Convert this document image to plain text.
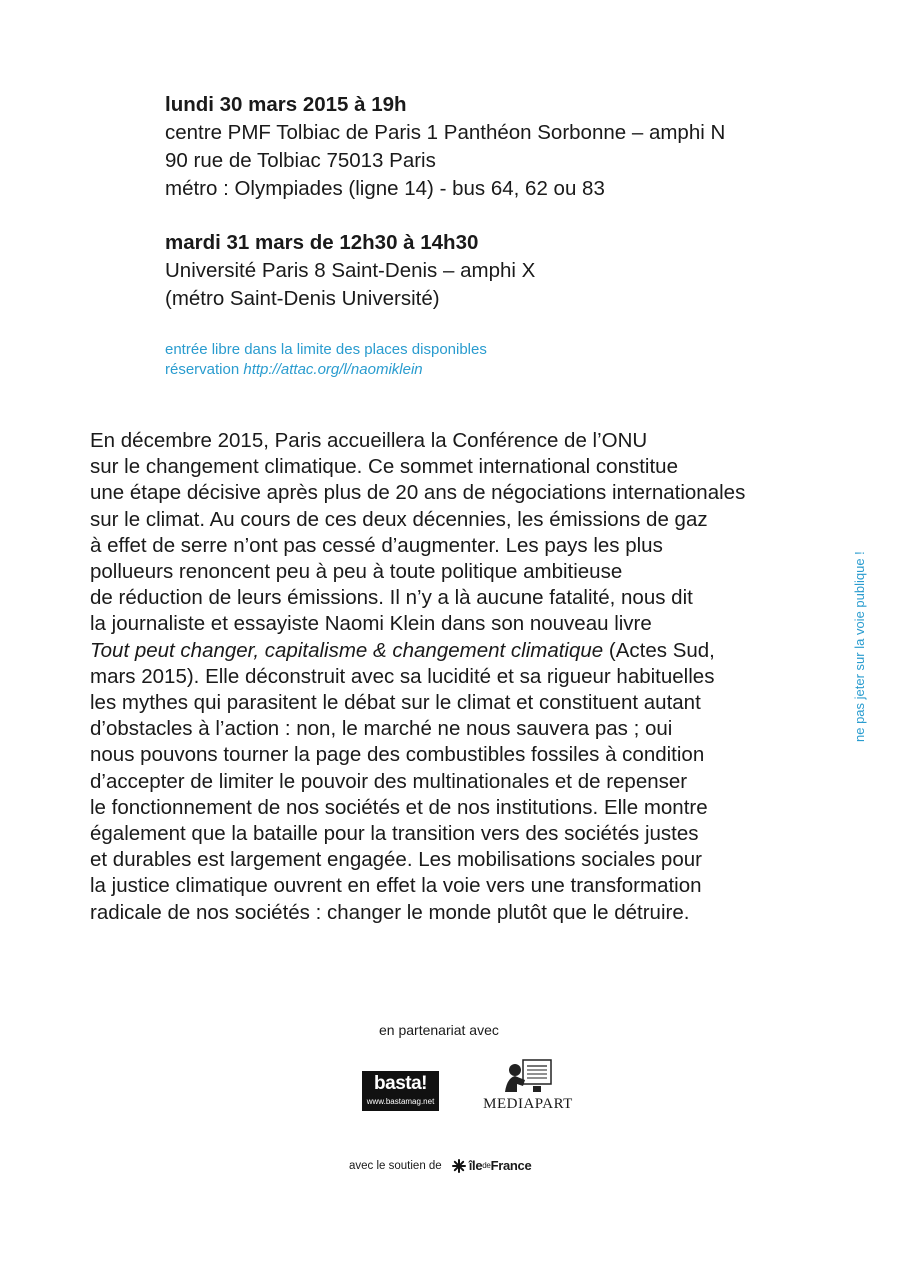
lundi 30 mars 2015 à 19h
centre PMF Tolbiac de Paris 1 Panthéon Sorbonne – amphi N
90 rue de Tolbiac 75013 Paris
métro : Olympiades (ligne 14) - bus 64, 62 ou 83
mardi 31 mars de 12h30 à 14h30
Université Paris 8 Saint-Denis – amphi X
(métro Saint-Denis Université)
entrée libre dans la limite des places disponibles
réservation http://attac.org/l/naomiklein
En décembre 2015, Paris accueillera la Conférence de l’ONU
sur le changement climatique. Ce sommet international constitue
une étape décisive après plus de 20 ans de négociations internationales
sur le climat. Au cours de ces deux décennies, les émissions de gaz
à effet de serre n’ont pas cessé d’augmenter. Les pays les plus
pollueurs renoncent peu à peu à toute politique ambitieuse
de réduction de leurs émissions. Il n’y a là aucune fatalité, nous dit
la journaliste et essayiste Naomi Klein dans son nouveau livre
Tout peut changer, capitalisme & changement climatique (Actes Sud,
mars 2015). Elle déconstruit avec sa lucidité et sa rigueur habituelles
les mythes qui parasitent le débat sur le climat et constituent autant
d’obstacles à l’action : non, le marché ne nous sauvera pas ; oui
nous pouvons tourner la page des combustibles fossiles à condition
d’accepter de limiter le pouvoir des multinationales et de repenser
le fonctionnement de nos sociétés et de nos institutions. Elle montre
également que la bataille pour la transition vers des sociétés justes
et durables est largement engagée. Les mobilisations sociales pour
la justice climatique ouvrent en effet la voie vers une transformation
radicale de nos sociétés : changer le monde plutôt que le détruire.
ne pas jeter sur la voie publique !
en partenariat avec
basta!
www.bastamag.net	MEDIAPART
avec le soutien de île de France
